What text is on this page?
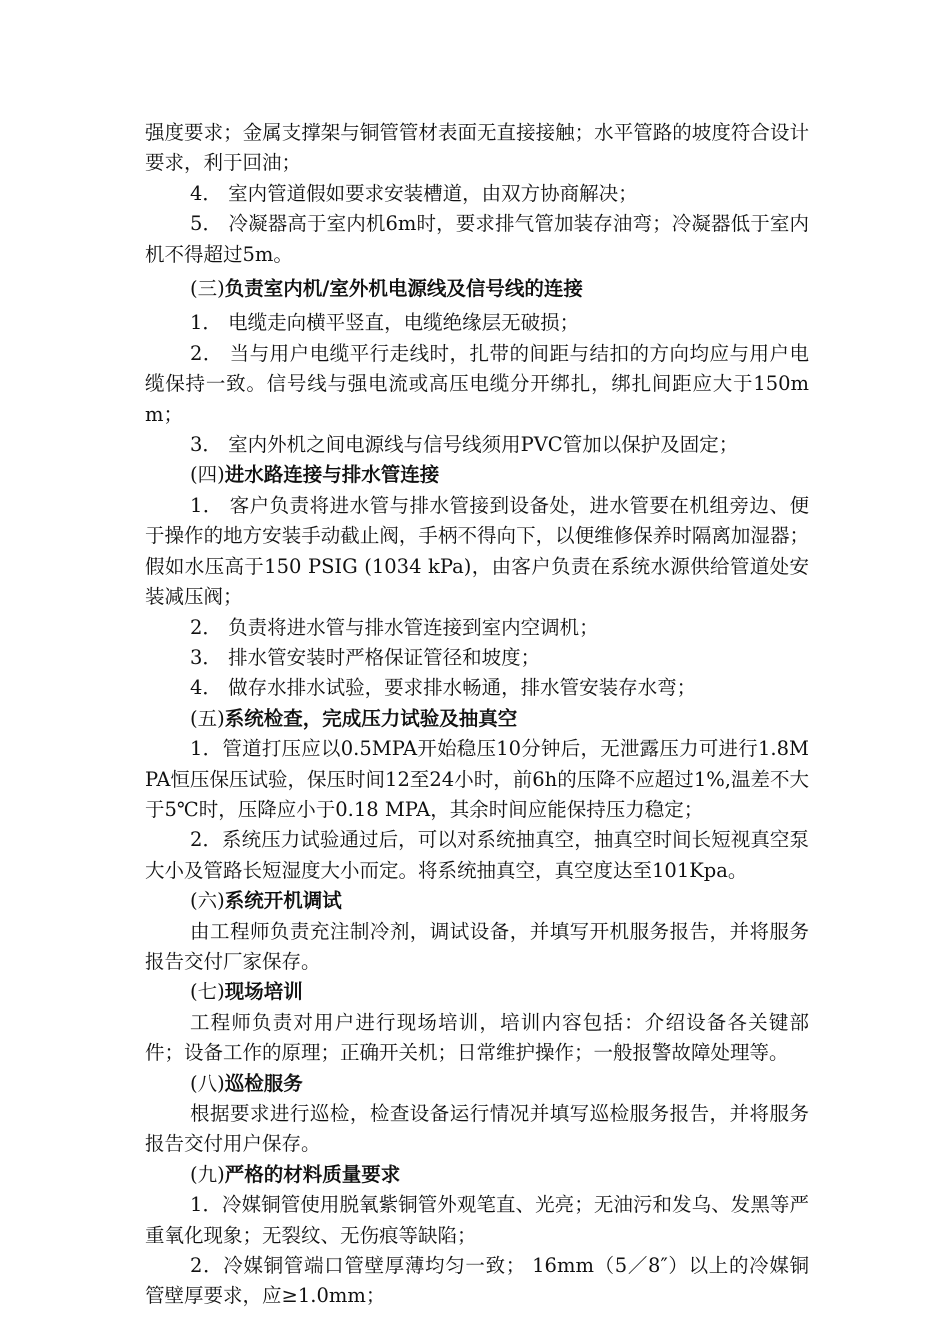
强度要求；金属支撑架与铜管管材表面无直接接触；水平管路的坡度符合设计要求，利于回油；

4． 室内管道假如要求安装槽道，由双方协商解决；

5． 冷凝器高于室内机6m时，要求排气管加装存油弯；冷凝器低于室内机不得超过5m。

(三)负责室内机/室外机电源线及信号线的连接

1． 电缆走向横平竖直，电缆绝缘层无破损；

2． 当与用户电缆平行走线时，扎带的间距与结扣的方向均应与用户电缆保持一致。信号线与强电流或高压电缆分开绑扎，绑扎间距应大于150mm；

3． 室内外机之间电源线与信号线须用PVC管加以保护及固定；

(四)进水路连接与排水管连接

1． 客户负责将进水管与排水管接到设备处，进水管要在机组旁边、便于操作的地方安装手动截止阀，手柄不得向下，以便维修保养时隔离加湿器；假如水压高于150 PSIG (1034 kPa)，由客户负责在系统水源供给管道处安装减压阀；

2． 负责将进水管与排水管连接到室内空调机；

3． 排水管安装时严格保证管径和坡度；

4． 做存水排水试验，要求排水畅通，排水管安装存水弯；

(五)系统检查，完成压力试验及抽真空

1．管道打压应以0.5MPA开始稳压10分钟后，无泄露压力可进行1.8MPA恒压保压试验，保压时间12至24小时，前6h的压降不应超过1%,温差不大于5℃时，压降应小于0.18 MPA，其余时间应能保持压力稳定；

2．系统压力试验通过后，可以对系统抽真空，抽真空时间长短视真空泵大小及管路长短湿度大小而定。将系统抽真空，真空度达至101Kpa。

(六)系统开机调试

由工程师负责充注制冷剂，调试设备，并填写开机服务报告，并将服务报告交付厂家保存。

(七)现场培训

工程师负责对用户进行现场培训，培训内容包括：介绍设备各关键部件；设备工作的原理；正确开关机；日常维护操作；一般报警故障处理等。

(八)巡检服务

根据要求进行巡检，检查设备运行情况并填写巡检服务报告，并将服务报告交付用户保存。

(九)严格的材料质量要求

1．冷媒铜管使用脱氧紫铜管外观笔直、光亮；无油污和发乌、发黑等严重氧化现象；无裂纹、无伤痕等缺陷；

2．冷媒铜管端口管壁厚薄均匀一致； 16mm（5／8″）以上的冷媒铜管壁厚要求，应≥1.0mm；
